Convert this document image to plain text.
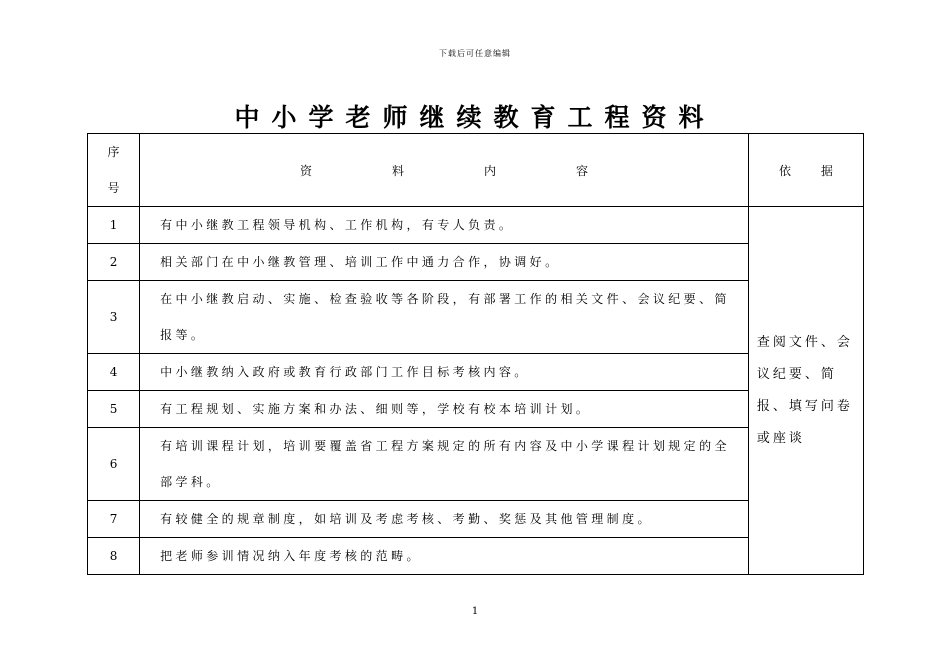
下载后可任意编辑
中小学老师继续教育工程资料
序
号	资 料 内 容	依 据
1	有中小继教工程领导机构、工作机构，有专人负责。	查阅文件、会议纪要、简报、填写问卷或座谈
2	相关部门在中小继教管理、培训工作中通力合作，协调好。	
3	在中小继教启动、实施、检查验收等各阶段，有部署工作的相关文件、会议纪要、简报等。	
4	中小继教纳入政府或教育行政部门工作目标考核内容。	
5	有工程规划、实施方案和办法、细则等，学校有校本培训计划。	
6	有培训课程计划，培训要覆盖省工程方案规定的所有内容及中小学课程计划规定的全部学科。	
7	有较健全的规章制度，如培训及考虑考核、考勤、奖惩及其他管理制度。	
8	把老师参训情况纳入年度考核的范畴。	
1
